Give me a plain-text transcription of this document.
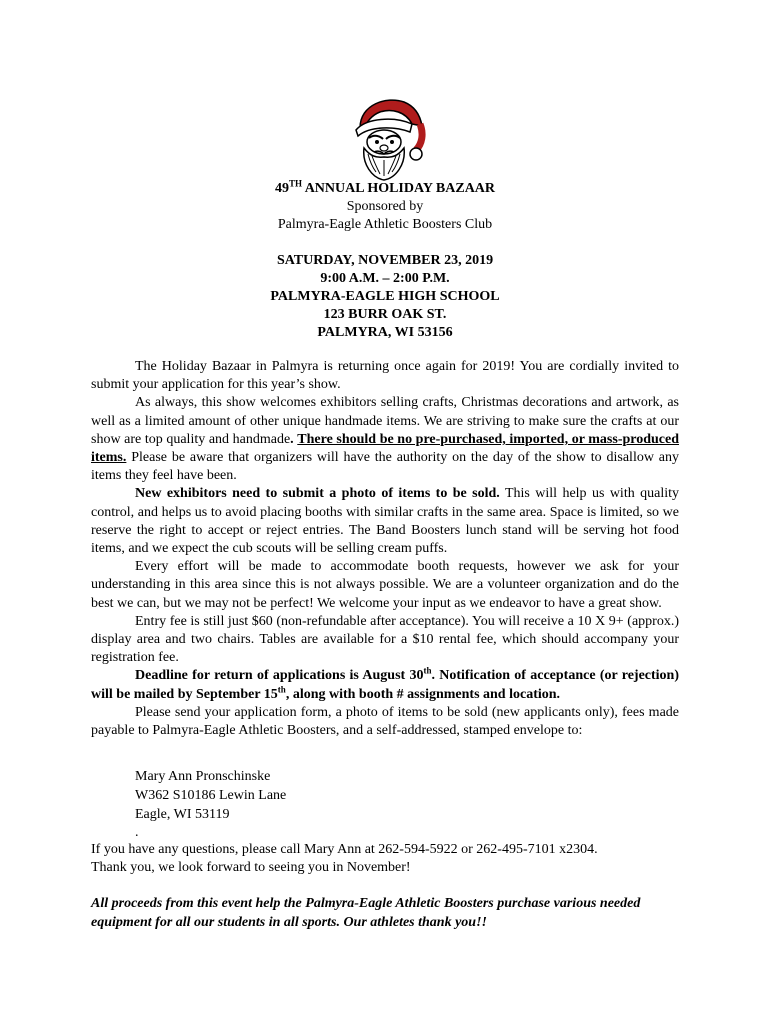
49TH ANNUAL HOLIDAY BAZAAR
Sponsored by
Palmyra-Eagle Athletic Boosters Club
SATURDAY, NOVEMBER 23, 2019
9:00 A.M. – 2:00 P.M.
PALMYRA-EAGLE HIGH SCHOOL
123 BURR OAK ST.
PALMYRA, WI 53156

The Holiday Bazaar in Palmyra is returning once again for 2019! You are cordially invited to submit your application for this year’s show.

As always, this show welcomes exhibitors selling crafts, Christmas decorations and artwork, as well as a limited amount of other unique handmade items. We are striving to make sure the crafts at our show are top quality and handmade. There should be no pre-purchased, imported, or mass-produced items. Please be aware that organizers will have the authority on the day of the show to disallow any items they feel have been.

New exhibitors need to submit a photo of items to be sold. This will help us with quality control, and helps us to avoid placing booths with similar crafts in the same area. Space is limited, so we reserve the right to accept or reject entries. The Band Boosters lunch stand will be serving hot food items, and we expect the cub scouts will be selling cream puffs.

Every effort will be made to accommodate booth requests, however we ask for your understanding in this area since this is not always possible. We are a volunteer organization and do the best we can, but we may not be perfect! We welcome your input as we endeavor to have a great show.

Entry fee is still just $60 (non-refundable after acceptance). You will receive a 10 X 9+ (approx.) display area and two chairs. Tables are available for a $10 rental fee, which should accompany your registration fee.

Deadline for return of applications is August 30th. Notification of acceptance (or rejection) will be mailed by September 15th, along with booth # assignments and location.

Please send your application form, a photo of items to be sold (new applicants only), fees made payable to Palmyra-Eagle Athletic Boosters, and a self-addressed, stamped envelope to:

Mary Ann Pronschinske
W362 S10186 Lewin Lane
Eagle, WI 53119
.
If you have any questions, please call Mary Ann at 262-594-5922 or 262-495-7101 x2304.
Thank you, we look forward to seeing you in November!
All proceeds from this event help the Palmyra-Eagle Athletic Boosters purchase various needed equipment for all our students in all sports. Our athletes thank you!!
